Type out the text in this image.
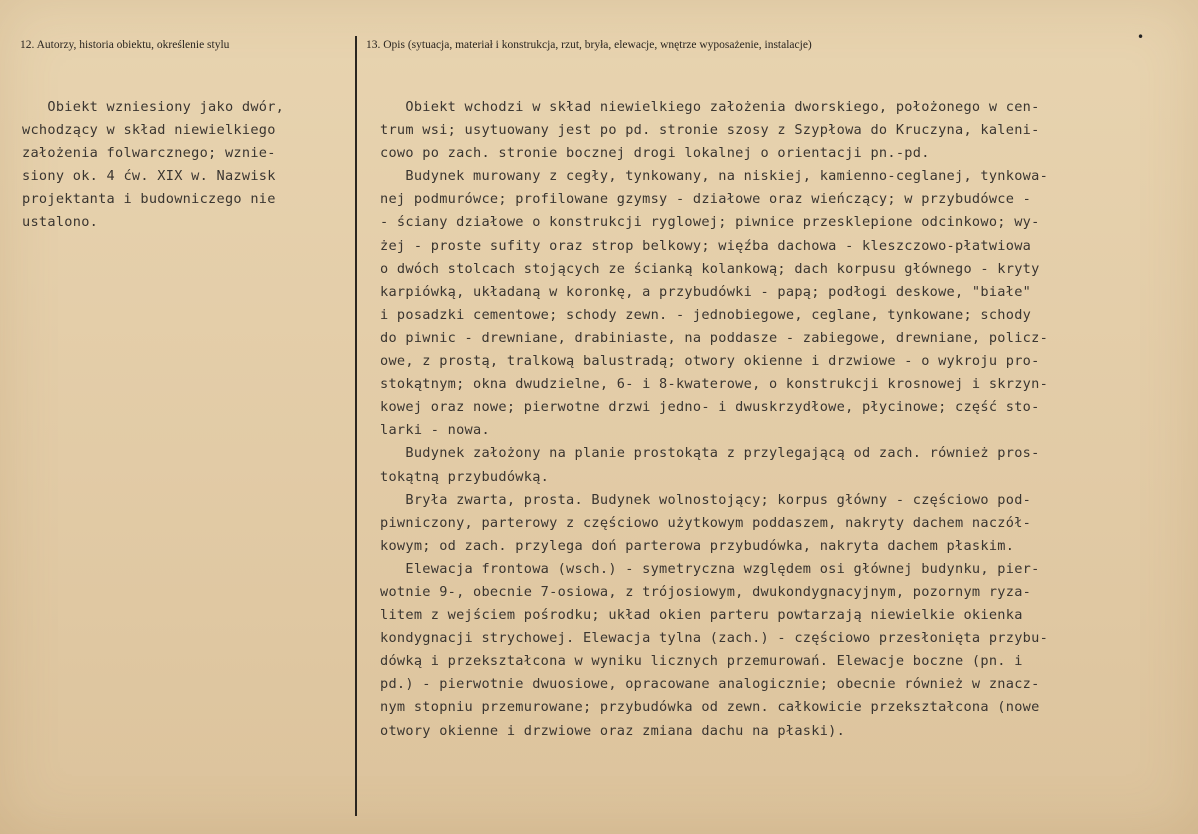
12. Autorzy, historia obiektu, określenie stylu	13. Opis (sytuacja, materiał i konstrukcja, rzut, bryła, elewacje, wnętrze wyposażenie, instalacje)
•
Obiekt wzniesiony jako dwór,
wchodzący w skład niewielkiego
założenia folwarcznego; wznie-
siony ok. 4 ćw. XIX w. Nazwisk
projektanta i budowniczego nie
ustalono.
Obiekt wchodzi w skład niewielkiego założenia dworskiego, położonego w cen-
trum wsi; usytuowany jest po pd. stronie szosy z Szypłowa do Kruczyna, kaleni-
cowo po zach. stronie bocznej drogi lokalnej o orientacji pn.-pd.
Budynek murowany z cegły, tynkowany, na niskiej, kamienno-ceglanej, tynkowa-
nej podmurówce; profilowane gzymsy - działowe oraz wieńczący; w przybudówce -
- ściany działowe o konstrukcji ryglowej; piwnice przesklepione odcinkowo; wy-
żej - proste sufity oraz strop belkowy; więźba dachowa - kleszczowo-płatwiowa
o dwóch stolcach stojących ze ścianką kolankową; dach korpusu głównego - kryty
karpiówką, układaną w koronkę, a przybudówki - papą; podłogi deskowe, "białe"
i posadzki cementowe; schody zewn. - jednobiegowe, ceglane, tynkowane; schody
do piwnic - drewniane, drabiniaste, na poddasze - zabiegowe, drewniane, policz-
owe, z prostą, tralkową balustradą; otwory okienne i drzwiowe - o wykroju pro-
stokątnym; okna dwudzielne, 6- i 8-kwaterowe, o konstrukcji krosnowej i skrzyn-
kowej oraz nowe; pierwotne drzwi jedno- i dwuskrzydłowe, płycinowe; część sto-
larki - nowa.
Budynek założony na planie prostokąta z przylegającą od zach. również pros-
tokątną przybudówką.
Bryła zwarta, prosta. Budynek wolnostojący; korpus główny - częściowo pod-
piwniczony, parterowy z częściowo użytkowym poddaszem, nakryty dachem naczół-
kowym; od zach. przylega doń parterowa przybudówka, nakryta dachem płaskim.
Elewacja frontowa (wsch.) - symetryczna względem osi głównej budynku, pier-
wotnie 9-, obecnie 7-osiowa, z trójosiowym, dwukondygnacyjnym, pozornym ryza-
litem z wejściem pośrodku; układ okien parteru powtarzają niewielkie okienka
kondygnacji strychowej. Elewacja tylna (zach.) - częściowo przesłonięta przybu-
dówką i przekształcona w wyniku licznych przemurowań. Elewacje boczne (pn. i
pd.) - pierwotnie dwuosiowe, opracowane analogicznie; obecnie również w znacz-
nym stopniu przemurowane; przybudówka od zewn. całkowicie przekształcona (nowe
otwory okienne i drzwiowe oraz zmiana dachu na płaski).
